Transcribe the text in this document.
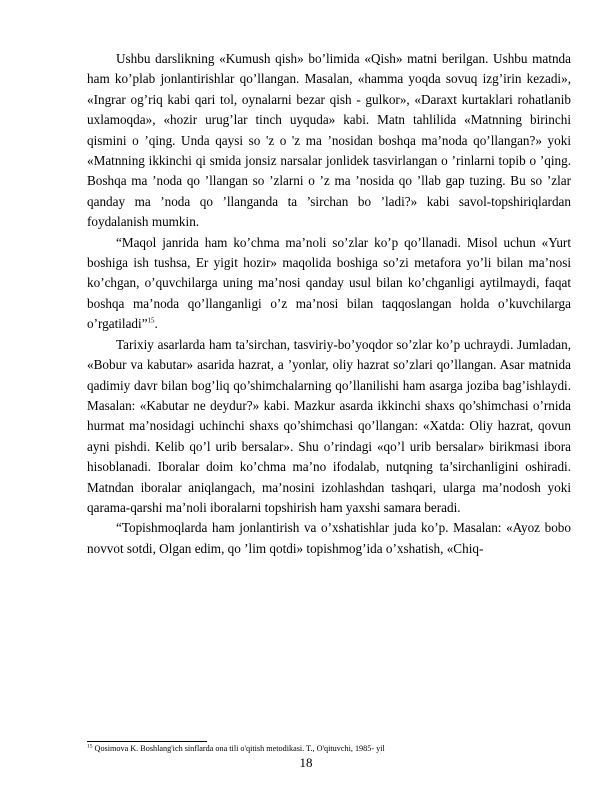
Ushbu darslikning «Kumush qish» bo’limida «Qish» matni berilgan. Ushbu matnda ham ko’plab jonlantirishlar qo’llangan. Masalan, «hamma yoqda sovuq izg’irin kezadi», «Ingrar og’riq kabi qari tol, oynalarni bezar qish - gulkor», «Daraxt kurtaklari rohatlanib uxlamoqda», «hozir urug’lar tinch uyquda» kabi. Matn tahlilida «Matnning birinchi qismini o ’qing. Unda qaysi so 'z o 'z ma ’nosidan boshqa ma’noda qo’llangan?» yoki «Matnning ikkinchi qi smida jonsiz narsalar jonlidek tasvirlangan o ’rinlarni topib o ’qing. Boshqa ma ’noda qo ’llangan so ’zlarni o ’z ma ’nosida qo ’llab gap tuzing. Bu so ’zlar qanday ma ’noda qo ’llanganda ta ’sirchan bo ’ladi?» kabi savol-topshiriqlardan foydalanish mumkin.

“Maqol janrida ham ko’chma ma’noli so’zlar ko’p qo’llanadi. Misol uchun «Yurt boshiga ish tushsa, Er yigit hozir» maqolida boshiga so’zi metafora yo’li bilan ma’nosi ko’chgan, o’quvchilarga uning ma’nosi qanday usul bilan ko’chganligi aytilmaydi, faqat boshqa ma’noda qo’llanganligi o’z ma’nosi bilan taqqoslangan holda o’kuvchilarga o’rgatiladi”$^{15}$.

Tarixiy asarlarda ham ta’sirchan, tasviriy-bo’yoqdor so’zlar ko’p uchraydi. Jumladan, «Bobur va kabutar» asarida hazrat, a ’yonlar, oliy hazrat so’zlari qo’llangan. Asar matnida qadimiy davr bilan bog’liq qo’shimchalarning qo’llanilishi ham asarga joziba bag’ishlaydi. Masalan: «Kabutar ne deydur?» kabi. Mazkur asarda ikkinchi shaxs qo’shimchasi o’rnida hurmat ma’nosidagi uchinchi shaxs qo’shimchasi qo’llangan: «Xatda: Oliy hazrat, qovun ayni pishdi. Kelib qo’l urib bersalar». Shu o’rindagi «qo’l urib bersalar» birikmasi ibora hisoblanadi. Iboralar doim ko’chma ma’no ifodalab, nutqning ta’sirchanligini oshiradi. Matndan iboralar aniqlangach, ma’nosini izohlashdan tashqari, ularga ma’nodosh yoki qarama-qarshi ma’noli iboralarni topshirish ham yaxshi samara beradi.

“Topishmoqlarda ham jonlantirish va o’xshatishlar juda ko’p. Masalan: «Ayoz bobo novvot sotdi, Olgan edim, qo ’lim qotdi» topishmog’ida o’xshatish, «Chiq-

$^{15}$ Qosimova K. Boshlang'ich sinflarda ona tili o'qitish metodikasi. T., O'qituvchi, 1985- yil
18
